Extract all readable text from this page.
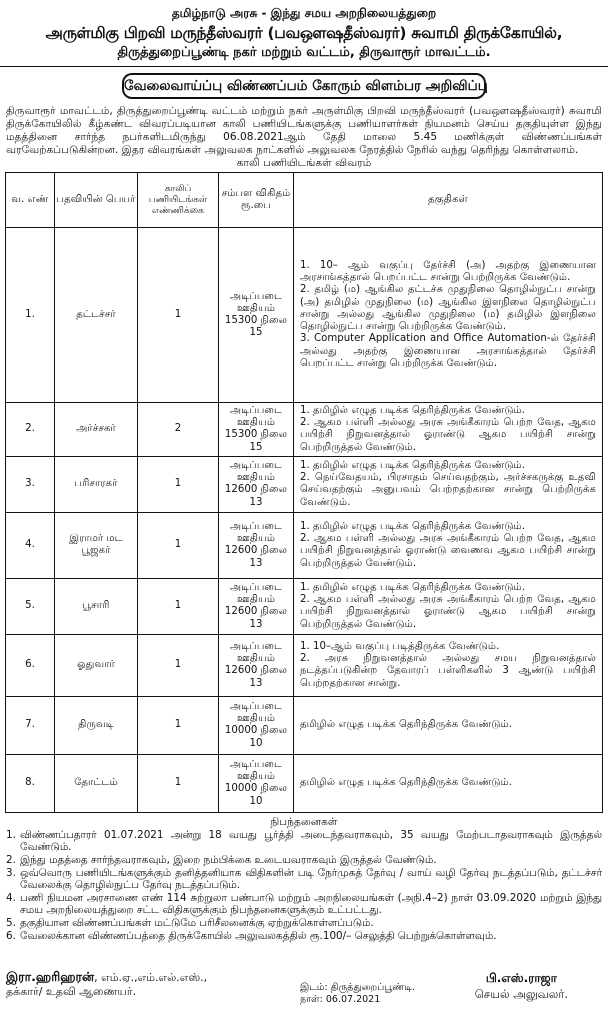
தமிழ்நாடு அரசு - இந்து சமய அறநிலையத்துறை
அருள்மிகு பிறவி மருந்தீஸ்வரர் (பவஔஷதீஸ்வரர்) சுவாமி திருக்கோயில்,
திருத்துறைப்பூண்டி நகர் மற்றும் வட்டம், திருவாரூர் மாவட்டம்.
வேலைவாய்ப்பு விண்ணப்பம் கோரும் விளம்பர அறிவிப்பு
திருவாரூர் மாவட்டம், திருத்துறைப்பூண்டி வட்டம் மற்றும் நகர் அருள்மிகு பிறவி மருந்தீஸ்வரர் (பவஔஷதீஸ்வரர்) சுவாமி திருக்கோயிலில் கீழ்கண்ட விவரப்படியான காலி பணியிடங்களுக்கு பணியாளர்கள் நியமனம் செய்ய தகுதியுள்ள இந்து மதத்தினை சார்ந்த நபர்களிடமிருந்து 06.08.2021ஆம் தேதி மாலை 5.45 மணிக்குள் விண்ணப்பங்கள் வரவேற்கப்படுகின்றன. இதர விவரங்கள் அலுவலக நாட்களில் அலுவலக நேரத்தில் நேரில் வந்து தெரிந்து கொள்ளலாம்.
காலி பணியிடங்கள் விவரம்
வ. எண்	பதவியின் பெயர்	காலிப் பணியிடங்கள் எண்ணிக்கை	சம்பள விகிதம் ரூ.பை	தகுதிகள்
1.	தட்டச்சர்	1	அடிப்படை ஊதியம் 15300 நிலை 15	1. 10– ஆம் வகுப்பு தேர்ச்சி (அ) அதற்கு இணையான அரசாங்கத்தால் பெறப்பட்ட சான்று பெற்றிருக்க வேண்டும்.
2. தமிழ் (ம) ஆங்கில தட்டச்சு முதுநிலை தொழில்நுட்ப சான்று (அ) தமிழில் முதுநிலை (ம) ஆங்கில இளநிலை தொழில்நுட்ப சான்று அல்லது ஆங்கில முதுநிலை (ம) தமிழில் இளநிலை தொழில்நுட்ப சான்று பெற்றிருக்க வேண்டும்.
3. Computer Application and Office Automation-ல் தேர்ச்சி அல்லது அதற்கு இணையான அரசாங்கத்தால் தேர்ச்சி பெறப்பட்ட சான்று பெற்றிருக்க வேண்டும்.

2.	அர்ச்சகர்	2	அடிப்படை ஊதியம் 15300 நிலை 15	1. தமிழில் எழுத படிக்க தெரிந்திருக்க வேண்டும்.
2. ஆகம பள்ளி அல்லது அரசு அங்கீகாரம் பெற்ற வேத, ஆகம பயிற்சி நிறுவனத்தால் ஓராண்டு ஆகம பயிற்சி சான்று பெற்றிருத்தல் வேண்டும்.

3.	பரிசாரகர்	1	அடிப்படை ஊதியம் 12600 நிலை 13	1. தமிழில் எழுத படிக்க தெரிந்திருக்க வேண்டும்.
2. நெய்வேதயம், பிரசாதம் செய்வதற்கும், அர்ச்சகருக்கு உதவி செய்வதற்கும் அனுபவம் பெற்றதற்கான சான்று பெற்றிருக்க வேண்டும்.

4.	இராமர் மட பூஜகர்	1	அடிப்படை ஊதியம் 12600 நிலை 13	1. தமிழில் எழுத படிக்க தெரிந்திருக்க வேண்டும்.
2. ஆகம பள்ளி அல்லது அரசு அங்கீகாரம் பெற்ற வேத, ஆகம பயிற்சி நிறுவனத்தால் ஓராண்டு வைணவ ஆகம பயிற்சி சான்று பெற்றிருத்தல் வேண்டும்.

5.	பூசாரி	1	அடிப்படை ஊதியம் 12600 நிலை 13	1. தமிழில் எழுத படிக்க தெரிந்திருக்க வேண்டும்.
2. ஆகம பள்ளி அல்லது அரசு அங்கீகாரம் பெற்ற வேத, ஆகம பயிற்சி நிறுவனத்தால் ஓராண்டு ஆகம பயிற்சி சான்று பெற்றிருத்தல் வேண்டும்.

6.	ஓதுவார்	1	அடிப்படை ஊதியம் 12600 நிலை 13	1. 10–ஆம் வகுப்பு படித்திருக்க வேண்டும்.
2. அரசு நிறுவனத்தால் அல்லது சமய நிறுவனத்தால் நடத்தப்படுகின்ற தேவாரப் பள்ளிகளில் 3 ஆண்டு பயிற்சி பெற்றதற்கான சான்று.

7.	திருவடி	1	அடிப்படை ஊதியம் 10000 நிலை 10	தமிழில் எழுத படிக்க தெரிந்திருக்க வேண்டும்.

8.	தோட்டம்	1	அடிப்படை ஊதியம் 10000 நிலை 10	தமிழில் எழுத படிக்க தெரிந்திருக்க வேண்டும்.
நிபந்தனைகள்
1. விண்ணப்பதாரர் 01.07.2021 அன்று 18 வயது பூர்த்தி அடைந்தவராகவும், 35 வயது மேற்படாதவராகவும் இருத்தல் வேண்டும்.
2. இந்து மதத்தை சார்ந்தவராகவும், இறை நம்பிக்கை உடையவராகவும் இருத்தல் வேண்டும்.
3. ஒவ்வொரு பணியிடங்களுக்கும் தனித்தனியாக விதிகளின் படி நேர்முகத் தேர்வு / வாய் வழி தேர்வு நடத்தப்படும், தட்டச்சர் வேலைக்கு தொழில்நுட்ப தேர்வு நடத்தப்படும்.
4. பணி நியமன அரசாணை எண் 114 சுற்றுலா பண்பாடு மற்றும் அறநிலையங்கள் (அநி.4–2) நாள் 03.09.2020 மற்றும் இந்து சமய அறநிலையத்துறை சட்ட விதிகளுக்கும் நிபந்தனைகளுக்கும் உட்பட்டது.
5. தகுதியான விண்ணப்பங்கள் மட்டுமே பரிசீலனைக்கு ஏற்றுக்கொள்ளப்படும்.
6. வேலைக்கான விண்ணப்பத்தை திருக்கோயில் அலுவலகத்தில் ரூ.100/– செலுத்தி பெற்றுக்கொள்ளவும்.
இரா.ஹரிஹரன், எம்.ஏ.,எம்.எல்.எஸ்.,
தக்கார்/ உதவி ஆணையர்.	இடம்: திருத்துறைப்பூண்டி.
நாள்: 06.07.2021
பி.எஸ்.ராஜா
செயல் அலுவலர்.
